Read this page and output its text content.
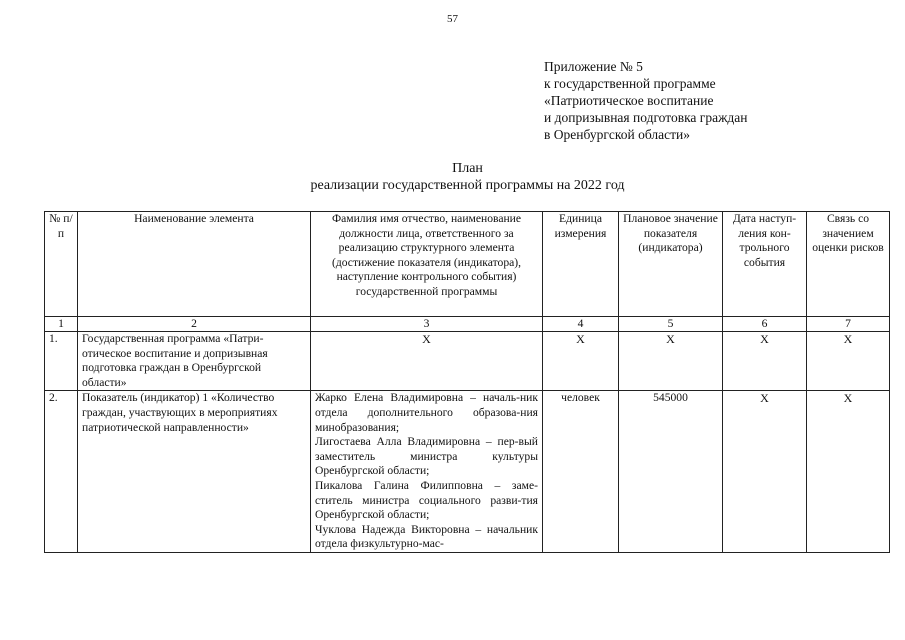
57
Приложение № 5
к государственной программе
«Патриотическое воспитание
и допризывная подготовка граждан
в Оренбургской области»
План
реализации государственной программы на 2022 год
№ п/п	Наименование элемента	Фамилия имя отчество, наименование должности лица, ответственного за реализацию структурного элемента (достижение показателя (индикатора), наступление контрольного события) государственной программы	Единица измерения	Плановое значение показателя (индикатора)	Дата наступ-ления кон-трольного события	Связь со значением оценки рисков
1	2	3	4	5	6	7
1.	Государственная программа «Патри-отическое воспитание и допризывная подготовка граждан в Оренбургской области»	X	X	X	X	X
2.	Показатель (индикатор) 1 «Количество граждан, участвующих в мероприятиях патриотической направленности»	Жарко Елена Владимировна – началь-ник отдела дополнительного образова-ния минобразования;
Лигостаева Алла Владимировна – пер-вый заместитель министра культуры Оренбургской области;
Пикалова Галина Филипповна – заме-ститель министра социального разви-тия Оренбургской области;
Чуклова Надежда Викторовна – начальник отдела физкультурно-мас-	человек	545000	X	X
